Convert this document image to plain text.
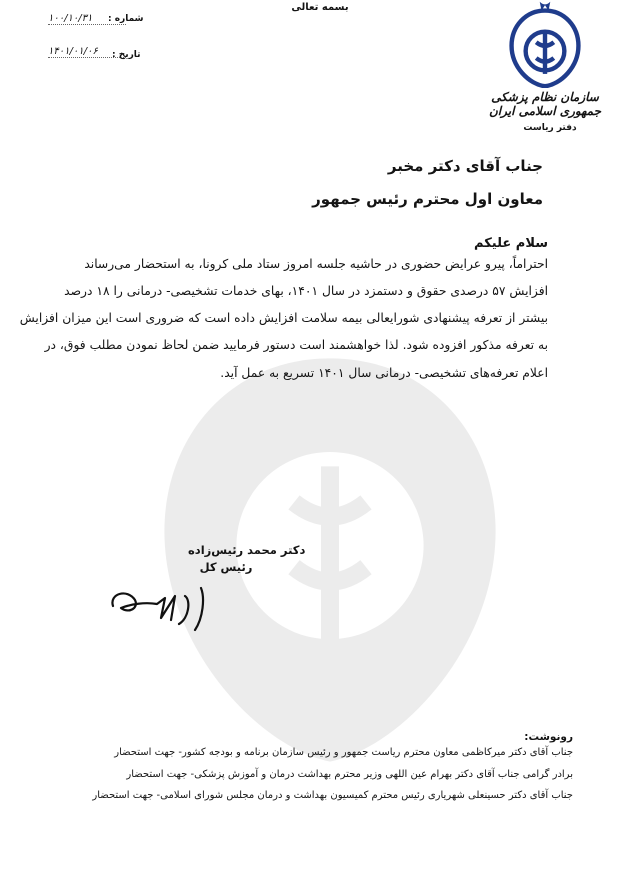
بسمه تعالی
شماره :
۱۰۰/۱۰/۳۱
تاریخ :
۱۴۰۱/۰۱/۰۶
سازمان نظام پزشکی جمهوری اسلامی ایران
دفتر ریاست
جناب آقای دکتر مخبر
معاون اول محترم رئیس جمهور
سلام علیکم
احتراماً، پیرو عرایض حضوری در حاشیه جلسه امروز ستاد ملی کرونا، به استحضار می‌رساند
افزایش ۵۷ درصدی حقوق و دستمزد در سال ۱۴۰۱، بهای خدمات تشخیصی- درمانی را ۱۸ درصد
بیشتر از تعرفه پیشنهادی شورایعالی بیمه سلامت افزایش داده است که ضروری است این میزان افزایش
به تعرفه مذکور افزوده شود. لذا خواهشمند است دستور فرمایید ضمن لحاظ نمودن مطلب فوق، در
اعلام تعرفه‌های تشخیصی- درمانی سال ۱۴۰۱ تسریع به عمل آید.
دکتر محمد رئیس‌زاده
رئیس کل
رونوشت:
جناب آقای دکتر میرکاظمی معاون محترم ریاست جمهور و رئیس سازمان برنامه و بودجه کشور- جهت استحضار
برادر گرامی جناب آقای دکتر بهرام عین اللهی وزیر محترم بهداشت درمان و آموزش پزشکی- جهت استحضار
جناب آقای دکتر حسینعلی شهریاری رئیس محترم کمیسیون بهداشت و درمان مجلس شورای اسلامی- جهت استحضار
